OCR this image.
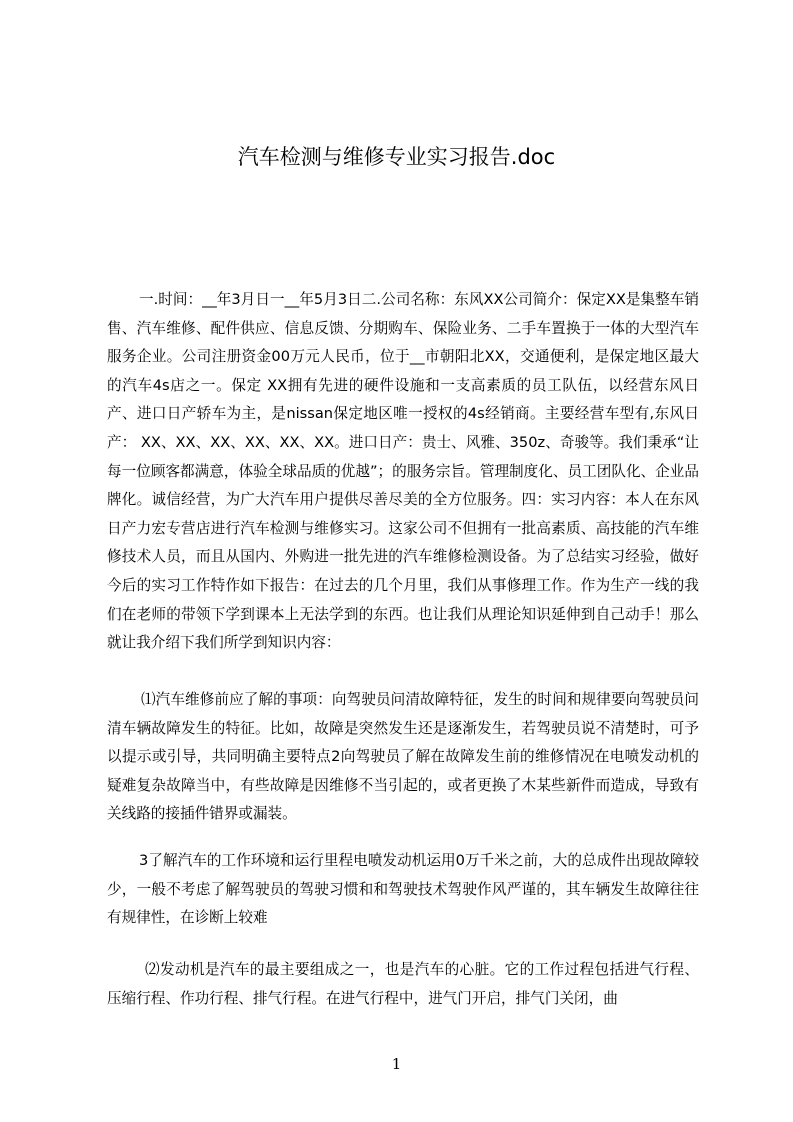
汽车检测与维修专业实习报告.doc
一.时间：__年3月日一__年5月3日二.公司名称：东风XX公司简介：保定XX是集整车销售、汽车维修、配件供应、信息反馈、分期购车、保险业务、二手车置换于一体的大型汽车服务企业。公司注册资金00万元人民币，位于__市朝阳北XX，交通便利，是保定地区最大的汽车4s店之一。保定 XX拥有先进的硬件设施和一支高素质的员工队伍，以经营东风日产、进口日产轿车为主，是nissan保定地区唯一授权的4s经销商。主要经营车型有,东风日产： XX、XX、XX、XX、XX、XX。进口日产：贵士、风雅、350z、奇骏等。我们秉承“让每一位顾客都满意，体验全球品质的优越”；的服务宗旨。管理制度化、员工团队化、企业品牌化。诚信经营，为广大汽车用户提供尽善尽美的全方位服务。四：实习内容：本人在东风日产力宏专营店进行汽车检测与维修实习。这家公司不但拥有一批高素质、高技能的汽车维修技术人员，而且从国内、外购进一批先进的汽车维修检测设备。为了总结实习经验，做好今后的实习工作特作如下报告：在过去的几个月里，我们从事修理工作。作为生产一线的我们在老师的带领下学到课本上无法学到的东西。也让我们从理论知识延伸到自己动手！那么就让我介绍下我们所学到知识内容：
⑴汽车维修前应了解的事项：向驾驶员问清故障特征，发生的时间和规律要向驾驶员问清车辆故障发生的特征。比如，故障是突然发生还是逐渐发生，若驾驶员说不清楚时，可予以提示或引导，共同明确主要特点2向驾驶员了解在故障发生前的维修情况在电喷发动机的疑难复杂故障当中，有些故障是因维修不当引起的，或者更换了木某些新件而造成，导致有关线路的接插件错界或漏装。
3了解汽车的工作环境和运行里程电喷发动机运用0万千米之前，大的总成件出现故障较少，一般不考虑了解驾驶员的驾驶习惯和和驾驶技术驾驶作风严谨的，其车辆发生故障往往有规律性，在诊断上较难
⑵发动机是汽车的最主要组成之一，也是汽车的心脏。它的工作过程包括进气行程、压缩行程、作功行程、排气行程。在进气行程中，进气门开启，排气门关闭，曲
1
